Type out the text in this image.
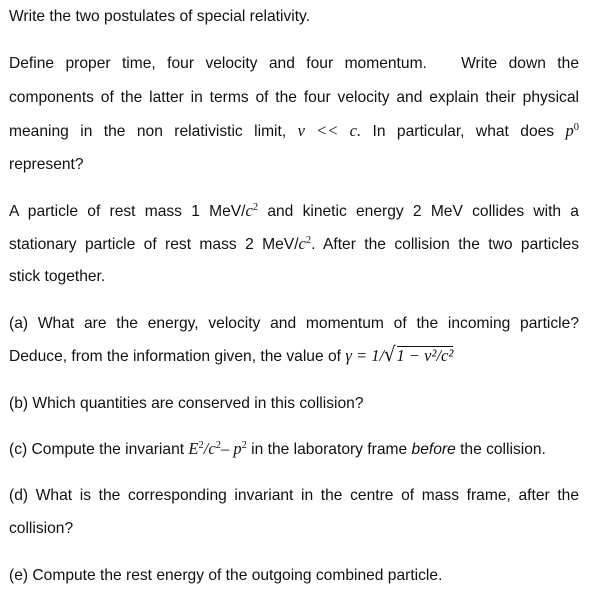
Write the two postulates of special relativity.
Define proper time, four velocity and four momentum.   Write down the
components of the latter in terms of the four velocity and explain their physical
meaning in the non relativistic limit, v << c. In particular, what does $p^0$
represent?
A particle of rest mass 1 MeV/$c^2$ and kinetic energy 2 MeV collides with a
stationary particle of rest mass 2 MeV/$c^2$. After the collision the two particles
stick together.
(a) What are the energy, velocity and momentum of the incoming particle?
Deduce, from the information given, the value of γ = 1/√1 − v²/c²
(b) Which quantities are conserved in this collision?
(c) Compute the invariant $E^2/c^2-$ $p^2$ in the laboratory frame before the collision.
(d) What is the corresponding invariant in the centre of mass frame, after the
collision?
(e) Compute the rest energy of the outgoing combined particle.
